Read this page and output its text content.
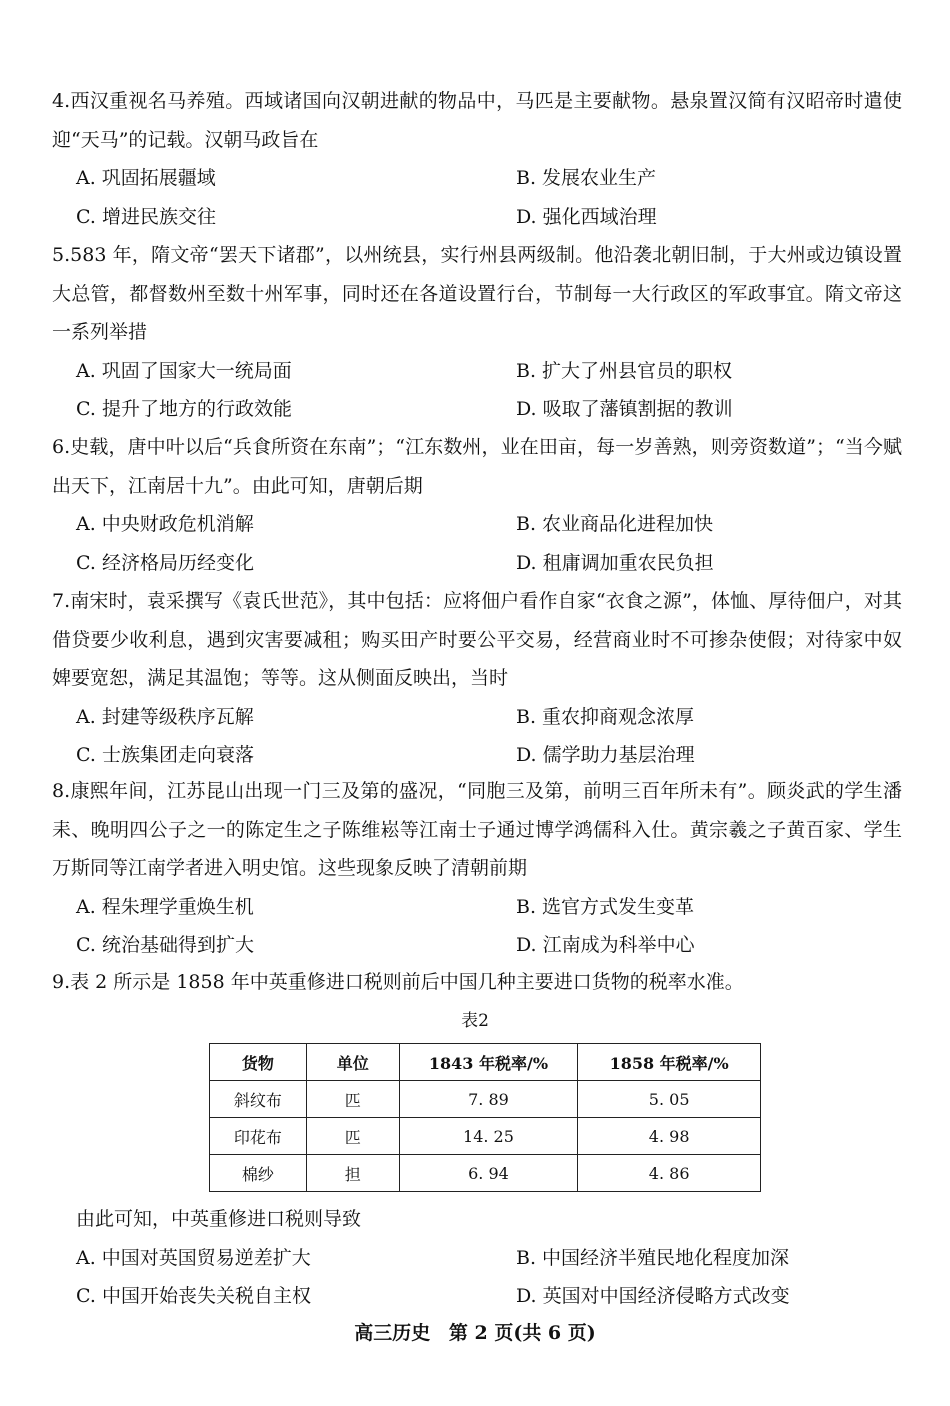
4.西汉重视名马养殖。西域诸国向汉朝进献的物品中，马匹是主要献物。悬泉置汉简有汉昭帝时遣使迎“天马”的记载。汉朝马政旨在

A. 巩固拓展疆域	B. 发展农业生产
C. 增进民族交往	D. 强化西域治理

5.583 年，隋文帝“罢天下诸郡”，以州统县，实行州县两级制。他沿袭北朝旧制，于大州或边镇设置大总管，都督数州至数十州军事，同时还在各道设置行台，节制每一大行政区的军政事宜。隋文帝这一系列举措

A. 巩固了国家大一统局面	B. 扩大了州县官员的职权
C. 提升了地方的行政效能	D. 吸取了藩镇割据的教训

6.史载，唐中叶以后“兵食所资在东南”；“江东数州，业在田亩，每一岁善熟，则旁资数道”；“当今赋出天下，江南居十九”。由此可知，唐朝后期

A. 中央财政危机消解	B. 农业商品化进程加快
C. 经济格局历经变化	D. 租庸调加重农民负担

7.南宋时，袁采撰写《袁氏世范》，其中包括：应将佃户看作自家“衣食之源”，体恤、厚待佃户，对其借贷要少收利息，遇到灾害要减租；购买田产时要公平交易，经营商业时不可掺杂使假；对待家中奴婢要宽恕，满足其温饱；等等。这从侧面反映出，当时

A. 封建等级秩序瓦解	B. 重农抑商观念浓厚
C. 士族集团走向衰落	D. 儒学助力基层治理

8.康熙年间，江苏昆山出现一门三及第的盛况，“同胞三及第，前明三百年所未有”。顾炎武的学生潘耒、晚明四公子之一的陈定生之子陈维崧等江南士子通过博学鸿儒科入仕。黄宗羲之子黄百家、学生万斯同等江南学者进入明史馆。这些现象反映了清朝前期

A. 程朱理学重焕生机	B. 选官方式发生变革
C. 统治基础得到扩大	D. 江南成为科举中心

9.表 2 所示是 1858 年中英重修进口税则前后中国几种主要进口货物的税率水准。

表2
货物	单位	1843 年税率/%	1858 年税率/%
斜纹布	匹	7. 89	5. 05
印花布	匹	14. 25	4. 98
棉纱	担	6. 94	4. 86

由此可知，中英重修进口税则导致

A. 中国对英国贸易逆差扩大	B. 中国经济半殖民地化程度加深
C. 中国开始丧失关税自主权	D. 英国对中国经济侵略方式改变
高三历史 第 2 页(共 6 页)
